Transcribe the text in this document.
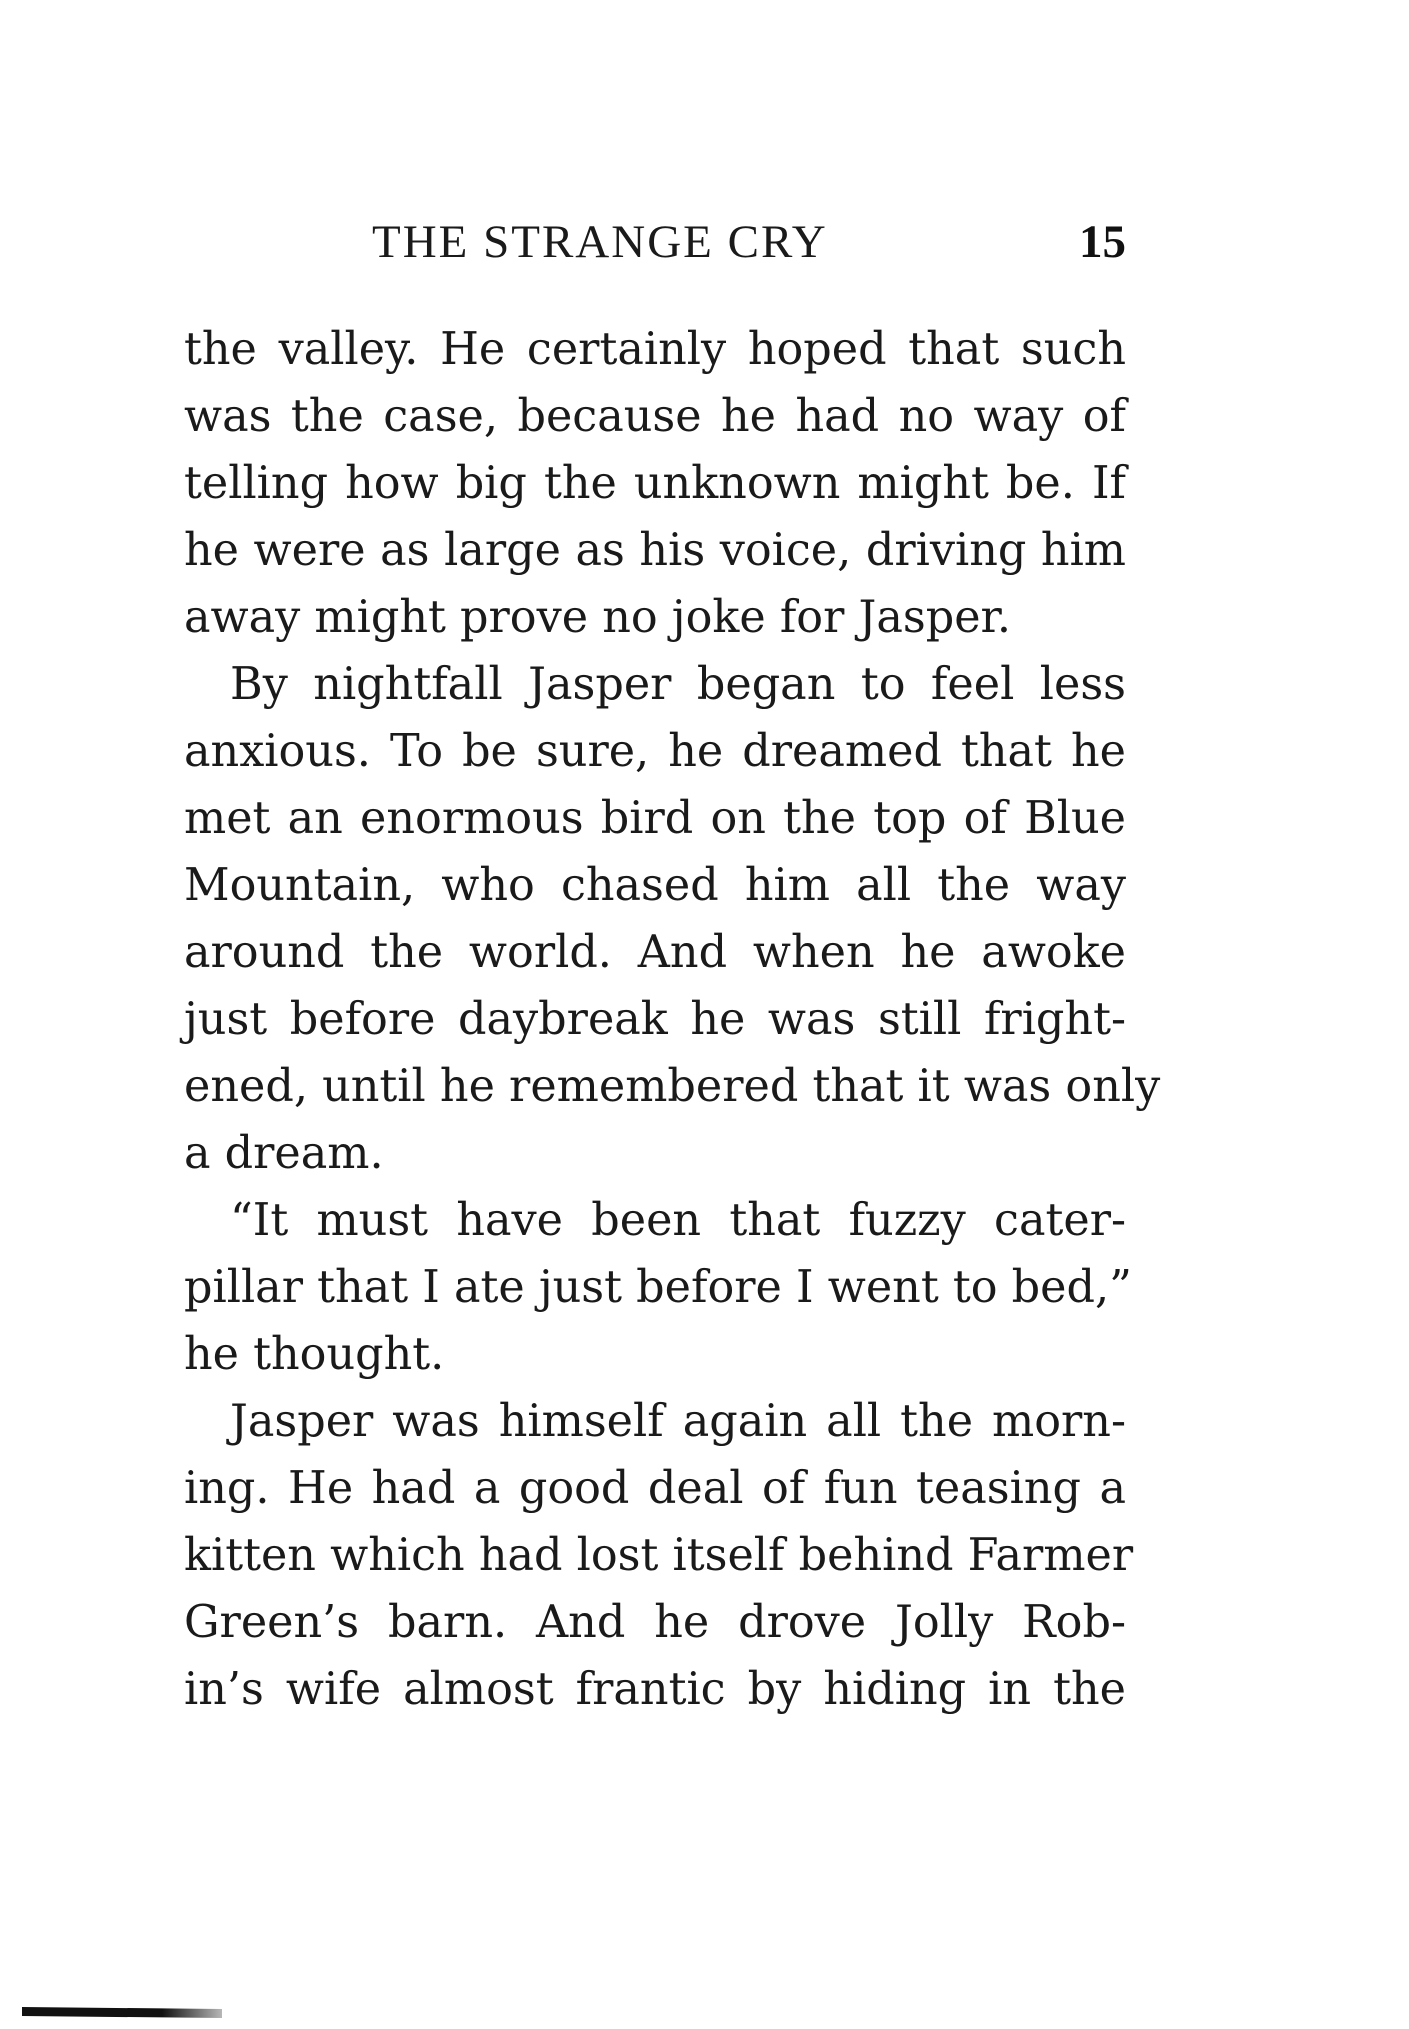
THE STRANGE CRY	15
the valley. He certainly hoped that such
was the case, because he had no way of
telling how big the unknown might be. If
he were as large as his voice, driving him
away might prove no joke for Jasper.
By nightfall Jasper began to feel less
anxious. To be sure, he dreamed that he
met an enormous bird on the top of Blue
Mountain, who chased him all the way
around the world. And when he awoke
just before daybreak he was still fright-
ened, until he remembered that it was only
a dream.
“It must have been that fuzzy cater-
pillar that I ate just before I went to bed,”
he thought.
Jasper was himself again all the morn-
ing. He had a good deal of fun teasing a
kitten which had lost itself behind Farmer
Green’s barn. And he drove Jolly Rob-
in’s wife almost frantic by hiding in the
